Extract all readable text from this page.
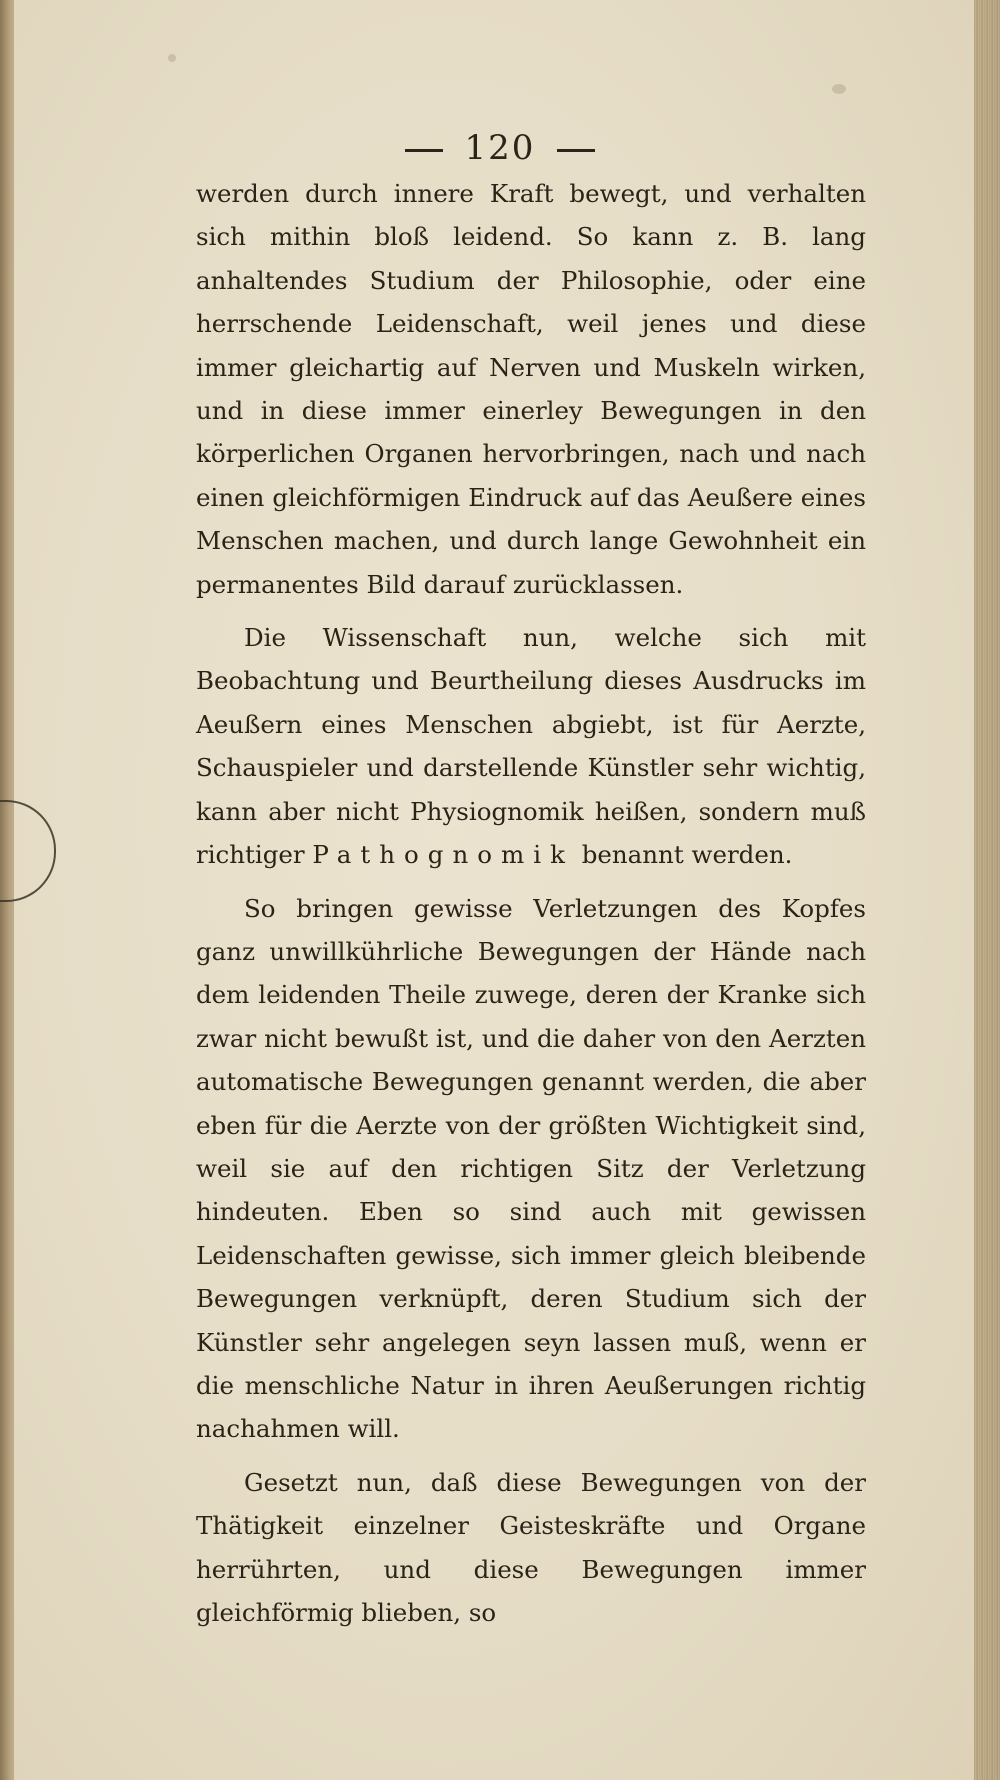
120

werden durch innere Kraft bewegt, und verhalten sich mithin bloß leidend. So kann z. B. lang anhaltendes Studium der Philosophie, oder eine herrschende Leidenschaft, weil jenes und diese immer gleichartig auf Nerven und Muskeln wirken, und in diese immer einerley Bewegungen in den körperlichen Organen hervorbringen, nach und nach einen gleichförmigen Eindruck auf das Aeußere eines Menschen machen, und durch lange Gewohnheit ein permanentes Bild darauf zurücklassen.

Die Wissenschaft nun, welche sich mit Beobachtung und Beurtheilung dieses Ausdrucks im Aeußern eines Menschen abgiebt, ist für Aerzte, Schauspieler und darstellende Künstler sehr wichtig, kann aber nicht Physiognomik heißen, sondern muß richtiger Pathognomik benannt werden.

So bringen gewisse Verletzungen des Kopfes ganz unwillkührliche Bewegungen der Hände nach dem leidenden Theile zuwege, deren der Kranke sich zwar nicht bewußt ist, und die daher von den Aerzten automatische Bewegungen genannt werden, die aber eben für die Aerzte von der größten Wichtigkeit sind, weil sie auf den richtigen Sitz der Verletzung hindeuten. Eben so sind auch mit gewissen Leidenschaften gewisse, sich immer gleich bleibende Bewegungen verknüpft, deren Studium sich der Künstler sehr angelegen seyn lassen muß, wenn er die menschliche Natur in ihren Aeußerungen richtig nachahmen will.

Gesetzt nun, daß diese Bewegungen von der Thätigkeit einzelner Geisteskräfte und Organe herrührten, und diese Bewegungen immer gleichförmig blieben, so
